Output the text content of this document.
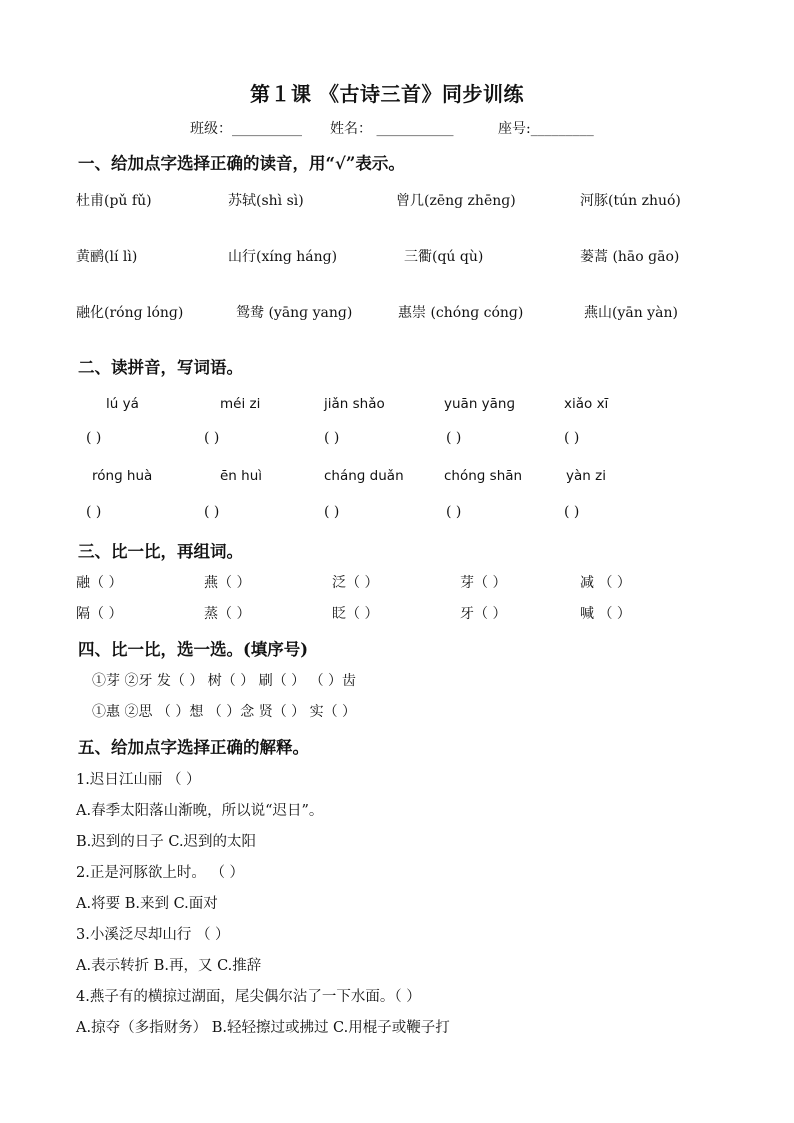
第１课 《古诗三首》同步训练
班级：__________ 姓名： ___________	座号:_________
一、给加点字选择正确的读音，用“√”表示。
杜甫(pǔ fǔ)	苏轼(shì sì)	曾几(zēnɡ zhēnɡ)	河豚(tún zhuó)
黄鹂(lí lì)	山行(xínɡ hánɡ)	三衢(qú qù)	蒌蒿 (hāo ɡāo)
融化(rónɡ lónɡ)	鸳鸯 (yānɡ yanɡ)	惠崇 (chónɡ cónɡ)	燕山(yān yàn)
二、读拼音，写词语。
lú yá	méi zi	jiǎn shǎo	yuān yānɡ	xiǎo xī
( )	( )	( )	( )	( )
rónɡ huà	ēn huì	chánɡ duǎn	chónɡ shān	yàn zi
( )	( )	( )	( )	( )
三、比一比，再组词。
融（ ）	燕（ ）	泛（ ）	芽（ ）	减 （ ）
隔（ ）	蒸（ ）	眨（ ）	牙（ ）	喊 （ ）
四、比一比，选一选。(填序号)
①芽 ②牙 发（ ） 树（ ） 刷（ ） （ ）齿
①惠 ②思 （ ）想 （ ）念 贤（ ） 实（ ）
五、给加点字选择正确的解释。
1.迟日江山丽 （ ）
A.春季太阳落山渐晚，所以说“迟日”。
B.迟到的日子 C.迟到的太阳
2.正是河豚欲上时。 （ ）
A.将要 B.来到 C.面对
3.小溪泛尽却山行 （ ）
A.表示转折 B.再，又 C.推辞
4.燕子有的横掠过湖面，尾尖偶尔沾了一下水面。（ ）
A.掠夺（多指财务） B.轻轻擦过或拂过 C.用棍子或鞭子打
